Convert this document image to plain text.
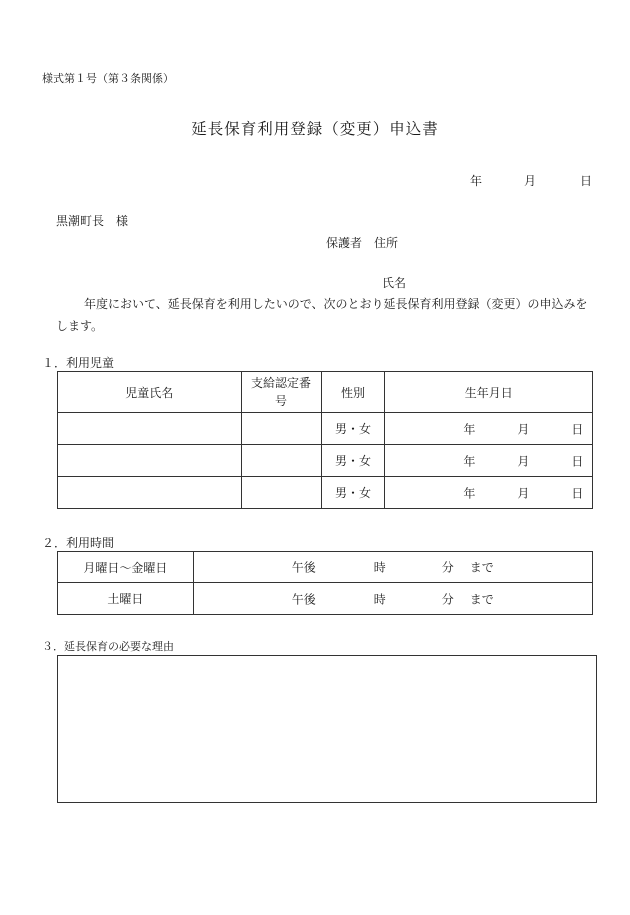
様式第１号（第３条関係）
延長保育利用登録（変更）申込書
年	月	日
黒潮町長　様
保護者　住所
氏名
年度において、延長保育を利用したいので、次のとおり延長保育利用登録（変更）の申込みをします。
１．利用児童
児童氏名	支給認定番号	性別	生年月日
		男・女	年 月 日

		男・女	年 月 日

		男・女	年 月 日
２．利用時間
月曜日～金曜日	午後 時 分 まで

土曜日	午後 時 分 まで
３．延長保育の必要な理由
